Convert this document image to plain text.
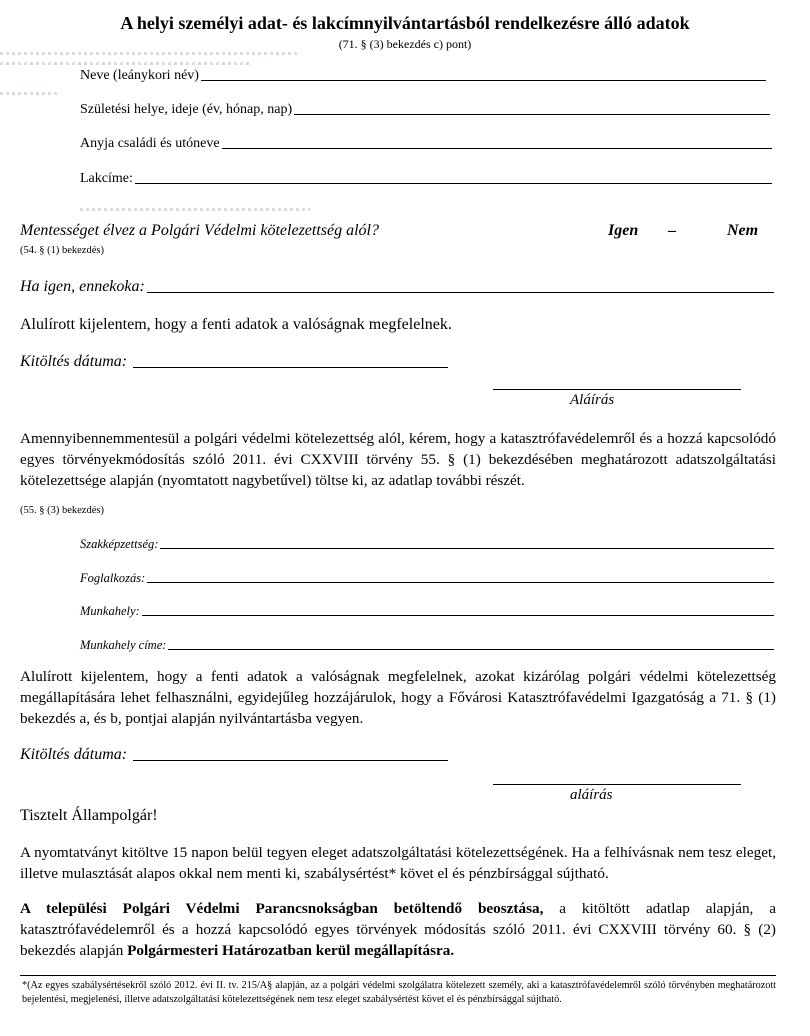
A helyi személyi adat- és lakcímnyilvántartásból rendelkezésre álló adatok
(71. § (3) bekezdés c) pont)
Neve (leánykori név)
Születési helye, ideje (év, hónap, nap)
Anyja családi és utóneve
Lakcíme:
Mentességet élvez a Polgári Védelmi kötelezettség alól?	Igen –	Nem
(54. § (1) bekezdés)
Ha igen, ennekoka:
Alulírott kijelentem, hogy a fenti adatok a valóságnak megfelelnek.
Kitöltés dátuma:
Aláírás
Amennyibennemmentesül a polgári védelmi kötelezettség alól, kérem, hogy a katasztrófavédelemről és a hozzá kapcsolódó egyes törvényekmódosítás szóló 2011. évi CXXVIII törvény 55. § (1) bekezdésében meghatározott adatszolgáltatási kötelezettsége alapján (nyomtatott nagybetűvel) töltse ki, az adatlap további részét.
(55. § (3) bekezdés)
Szakképzettség:
Foglalkozás:
Munkahely:
Munkahely címe:
Alulírott kijelentem, hogy a fenti adatok a valóságnak megfelelnek, azokat kizárólag polgári védelmi kötelezettség megállapítására lehet felhasználni, egyidejűleg hozzájárulok, hogy a Fővárosi Katasztrófavédelmi Igazgatóság a 71. § (1) bekezdés a, és b, pontjai alapján nyilvántartásba vegyen.
Kitöltés dátuma:
aláírás
Tisztelt Állampolgár!
A nyomtatványt kitöltve 15 napon belül tegyen eleget adatszolgáltatási kötelezettségének. Ha a felhívásnak nem tesz eleget, illetve mulasztását alapos okkal nem menti ki, szabálysértést* követ el és pénzbírsággal sújtható.
A települési Polgári Védelmi Parancsnokságban betöltendő beosztása, a kitöltött adatlap alapján, a katasztrófavédelemről és a hozzá kapcsolódó egyes törvények módosítás szóló 2011. évi CXXVIII törvény 60. § (2) bekezdés alapján Polgármesteri Határozatban kerül megállapításra.
*(Az egyes szabálysértésekről szóló 2012. évi II. tv. 215/A§ alapján, az a polgári védelmi szolgálatra kötelezett személy, aki a katasztrófavédelemről szóló törvényben meghatározott bejelentési, megjelenési, illetve adatszolgáltatási kötelezettségének nem tesz eleget szabálysértést követ el és pénzbírsággal sújtható.
